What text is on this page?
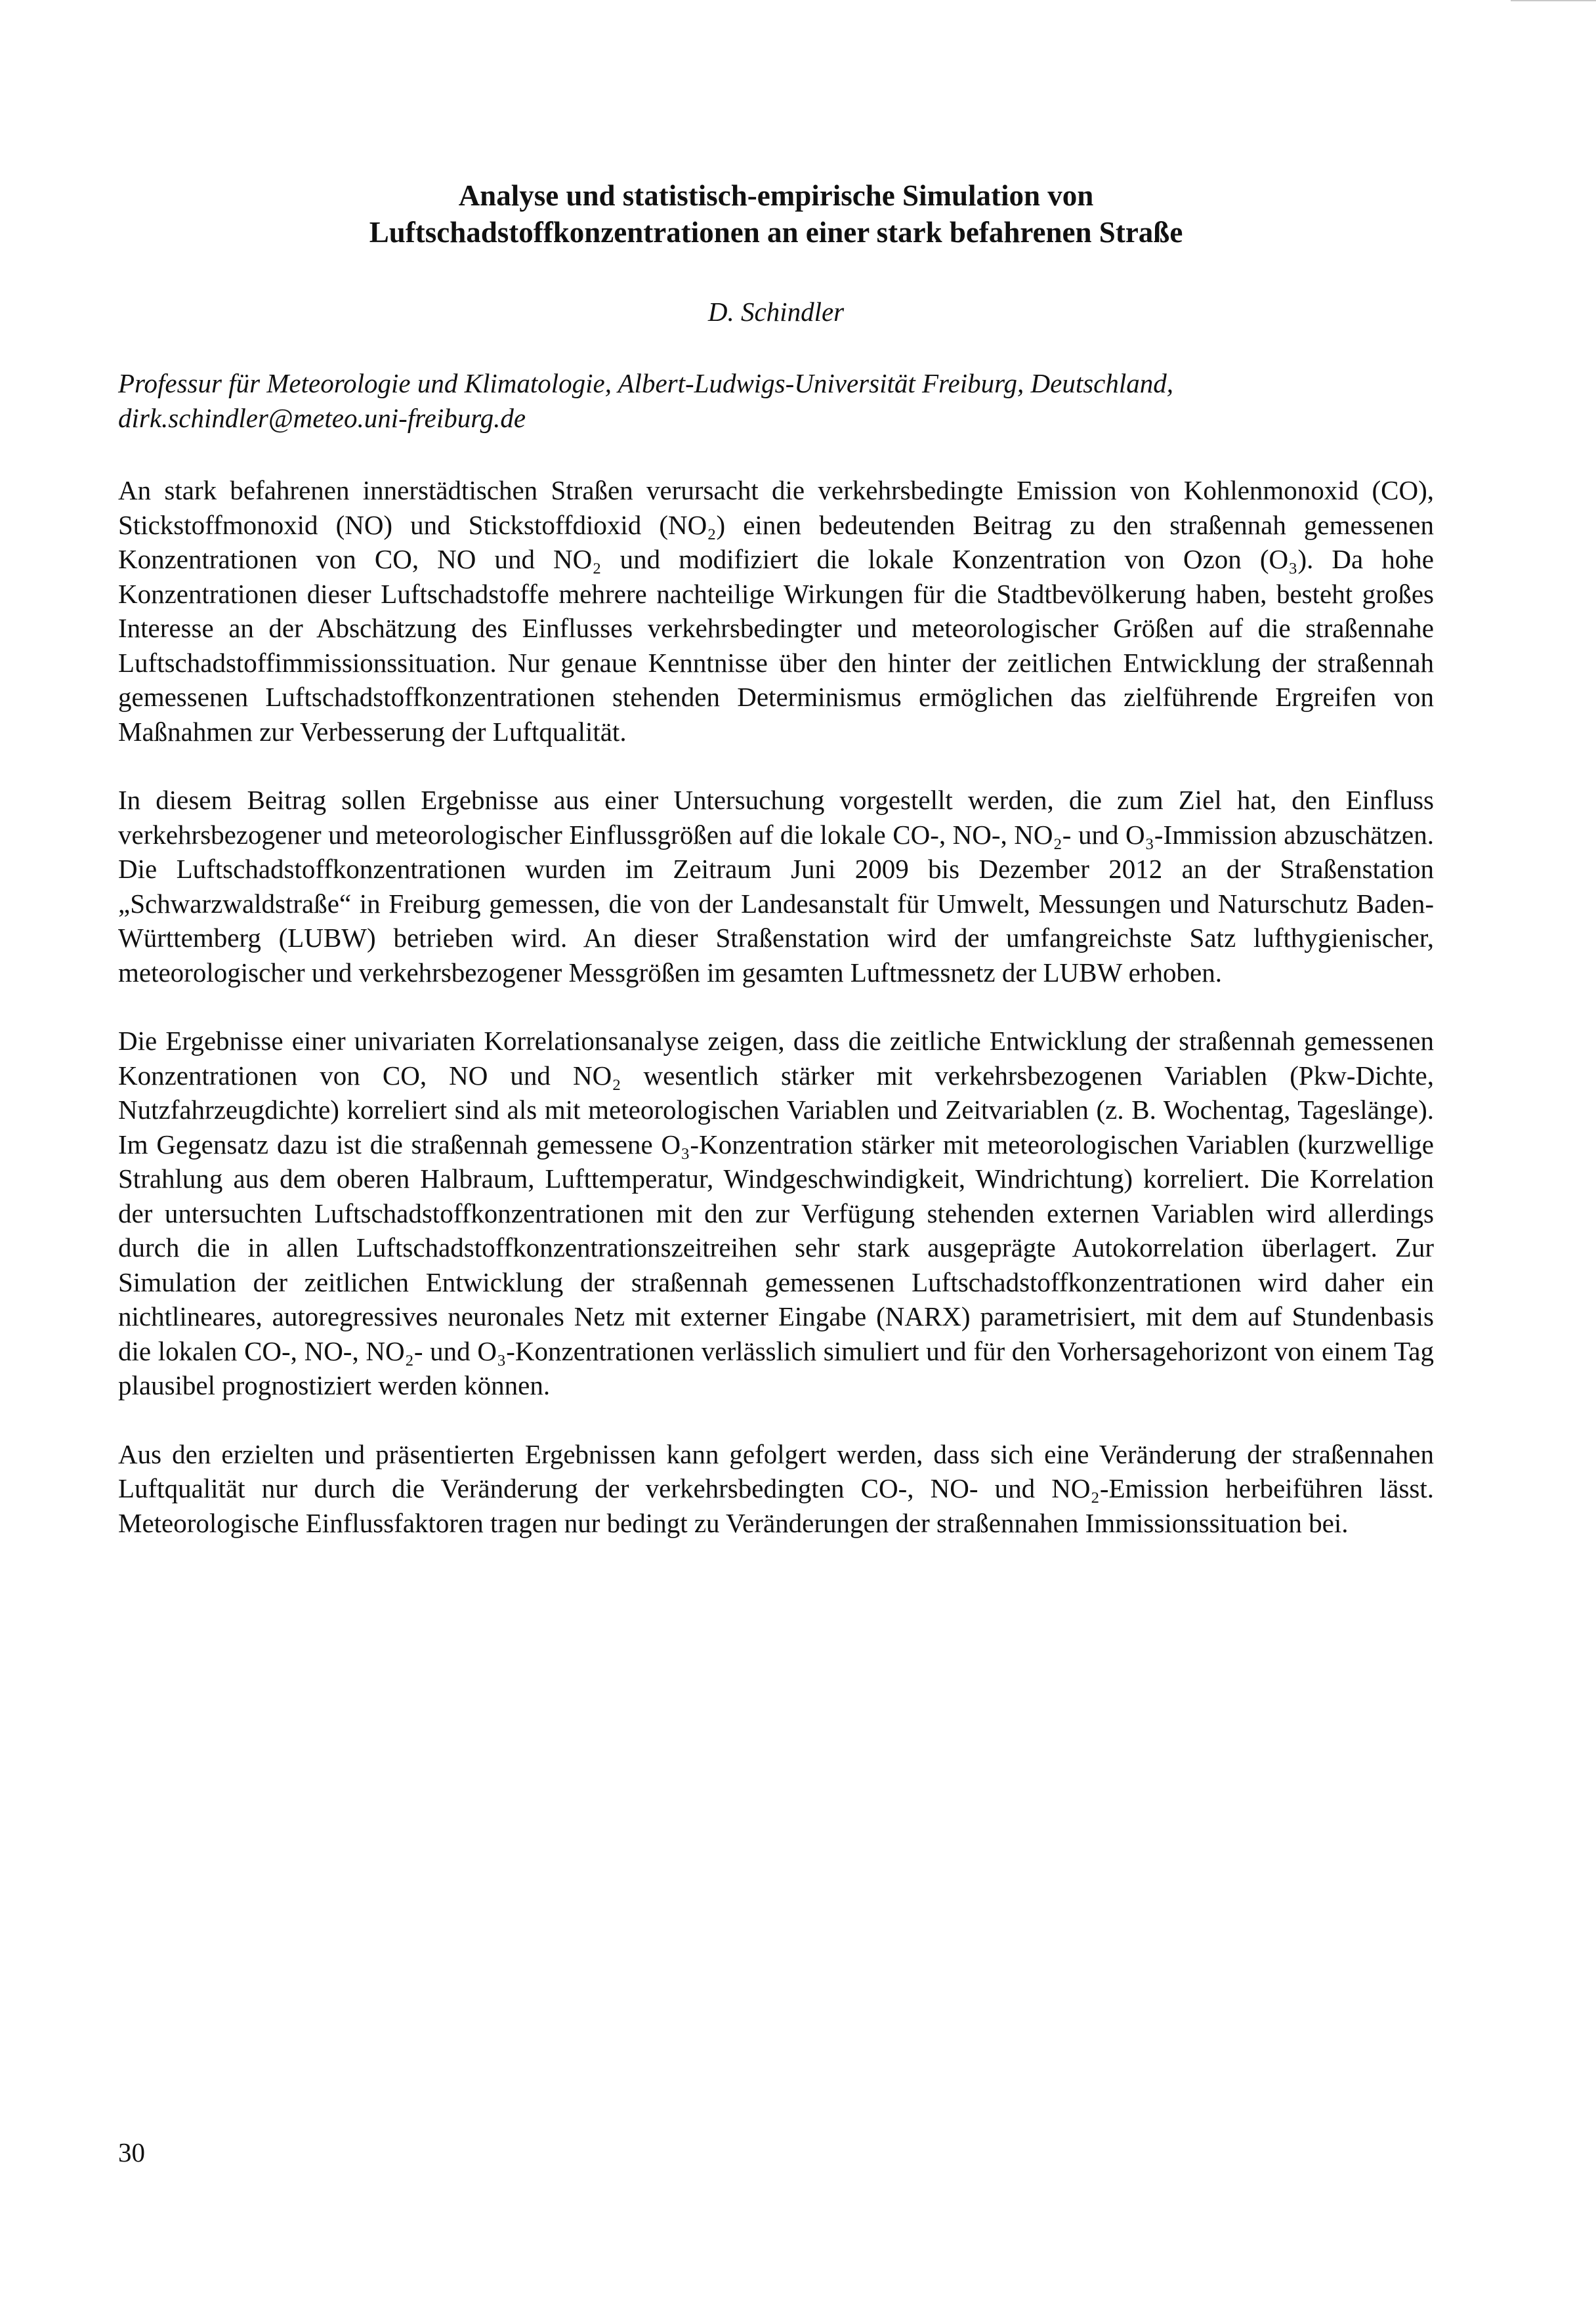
Analyse und statistisch-empirische Simulation von
Luftschadstoffkonzentrationen an einer stark befahrenen Straße

D. Schindler

Professur für Meteorologie und Klimatologie, Albert-Ludwigs-Universität Freiburg, Deutschland,
dirk.schindler@meteo.uni-freiburg.de

An stark befahrenen innerstädtischen Straßen verursacht die verkehrsbedingte Emission von Kohlenmonoxid (CO), Stickstoffmonoxid (NO) und Stickstoffdioxid (NO₂) einen bedeutenden Beitrag zu den straßennah gemessenen Konzentrationen von CO, NO und NO₂ und modifiziert die lokale Konzentration von Ozon (O₃). Da hohe Konzentrationen dieser Luftschadstoffe mehrere nachteilige Wirkungen für die Stadtbevölkerung haben, besteht großes Interesse an der Abschätzung des Einflusses verkehrsbedingter und meteorologischer Größen auf die straßennahe Luftschadstoffimmissionssituation. Nur genaue Kenntnisse über den hinter der zeitlichen Entwicklung der straßennah gemessenen Luftschadstoffkonzentrationen stehenden Determinismus ermöglichen das zielführende Ergreifen von Maßnahmen zur Verbesserung der Luftqualität.

In diesem Beitrag sollen Ergebnisse aus einer Untersuchung vorgestellt werden, die zum Ziel hat, den Einfluss verkehrsbezogener und meteorologischer Einflussgrößen auf die lokale CO-, NO-, NO₂- und O₃-Immission abzuschätzen. Die Luftschadstoffkonzentrationen wurden im Zeitraum Juni 2009 bis Dezember 2012 an der Straßenstation „Schwarzwaldstraße“ in Freiburg gemessen, die von der Landesanstalt für Umwelt, Messungen und Naturschutz Baden-Württemberg (LUBW) betrieben wird. An dieser Straßenstation wird der umfangreichste Satz lufthygienischer, meteorologischer und verkehrsbezogener Messgrößen im gesamten Luftmessnetz der LUBW erhoben.

Die Ergebnisse einer univariaten Korrelationsanalyse zeigen, dass die zeitliche Entwicklung der straßennah gemessenen Konzentrationen von CO, NO und NO₂ wesentlich stärker mit verkehrsbezogenen Variablen (Pkw-Dichte, Nutzfahrzeugdichte) korreliert sind als mit meteorologischen Variablen und Zeitvariablen (z. B. Wochentag, Tageslänge). Im Gegensatz dazu ist die straßennah gemessene O₃-Konzentration stärker mit meteorologischen Variablen (kurzwellige Strahlung aus dem oberen Halbraum, Lufttemperatur, Windgeschwindigkeit, Windrichtung) korreliert. Die Korrelation der untersuchten Luftschadstoffkonzentrationen mit den zur Verfügung stehenden externen Variablen wird allerdings durch die in allen Luftschadstoffkonzentrationszeitreihen sehr stark ausgeprägte Autokorrelation überlagert. Zur Simulation der zeitlichen Entwicklung der straßennah gemessenen Luftschadstoffkonzentrationen wird daher ein nichtlineares, autoregressives neuronales Netz mit externer Eingabe (NARX) parametrisiert, mit dem auf Stundenbasis die lokalen CO-, NO-, NO₂- und O₃-Konzentrationen verlässlich simuliert und für den Vorhersagehorizont von einem Tag plausibel prognostiziert werden können.

Aus den erzielten und präsentierten Ergebnissen kann gefolgert werden, dass sich eine Veränderung der straßennahen Luftqualität nur durch die Veränderung der verkehrsbedingten CO-, NO- und NO₂-Emission herbeiführen lässt. Meteorologische Einflussfaktoren tragen nur bedingt zu Veränderungen der straßennahen Immissionssituation bei.

30
